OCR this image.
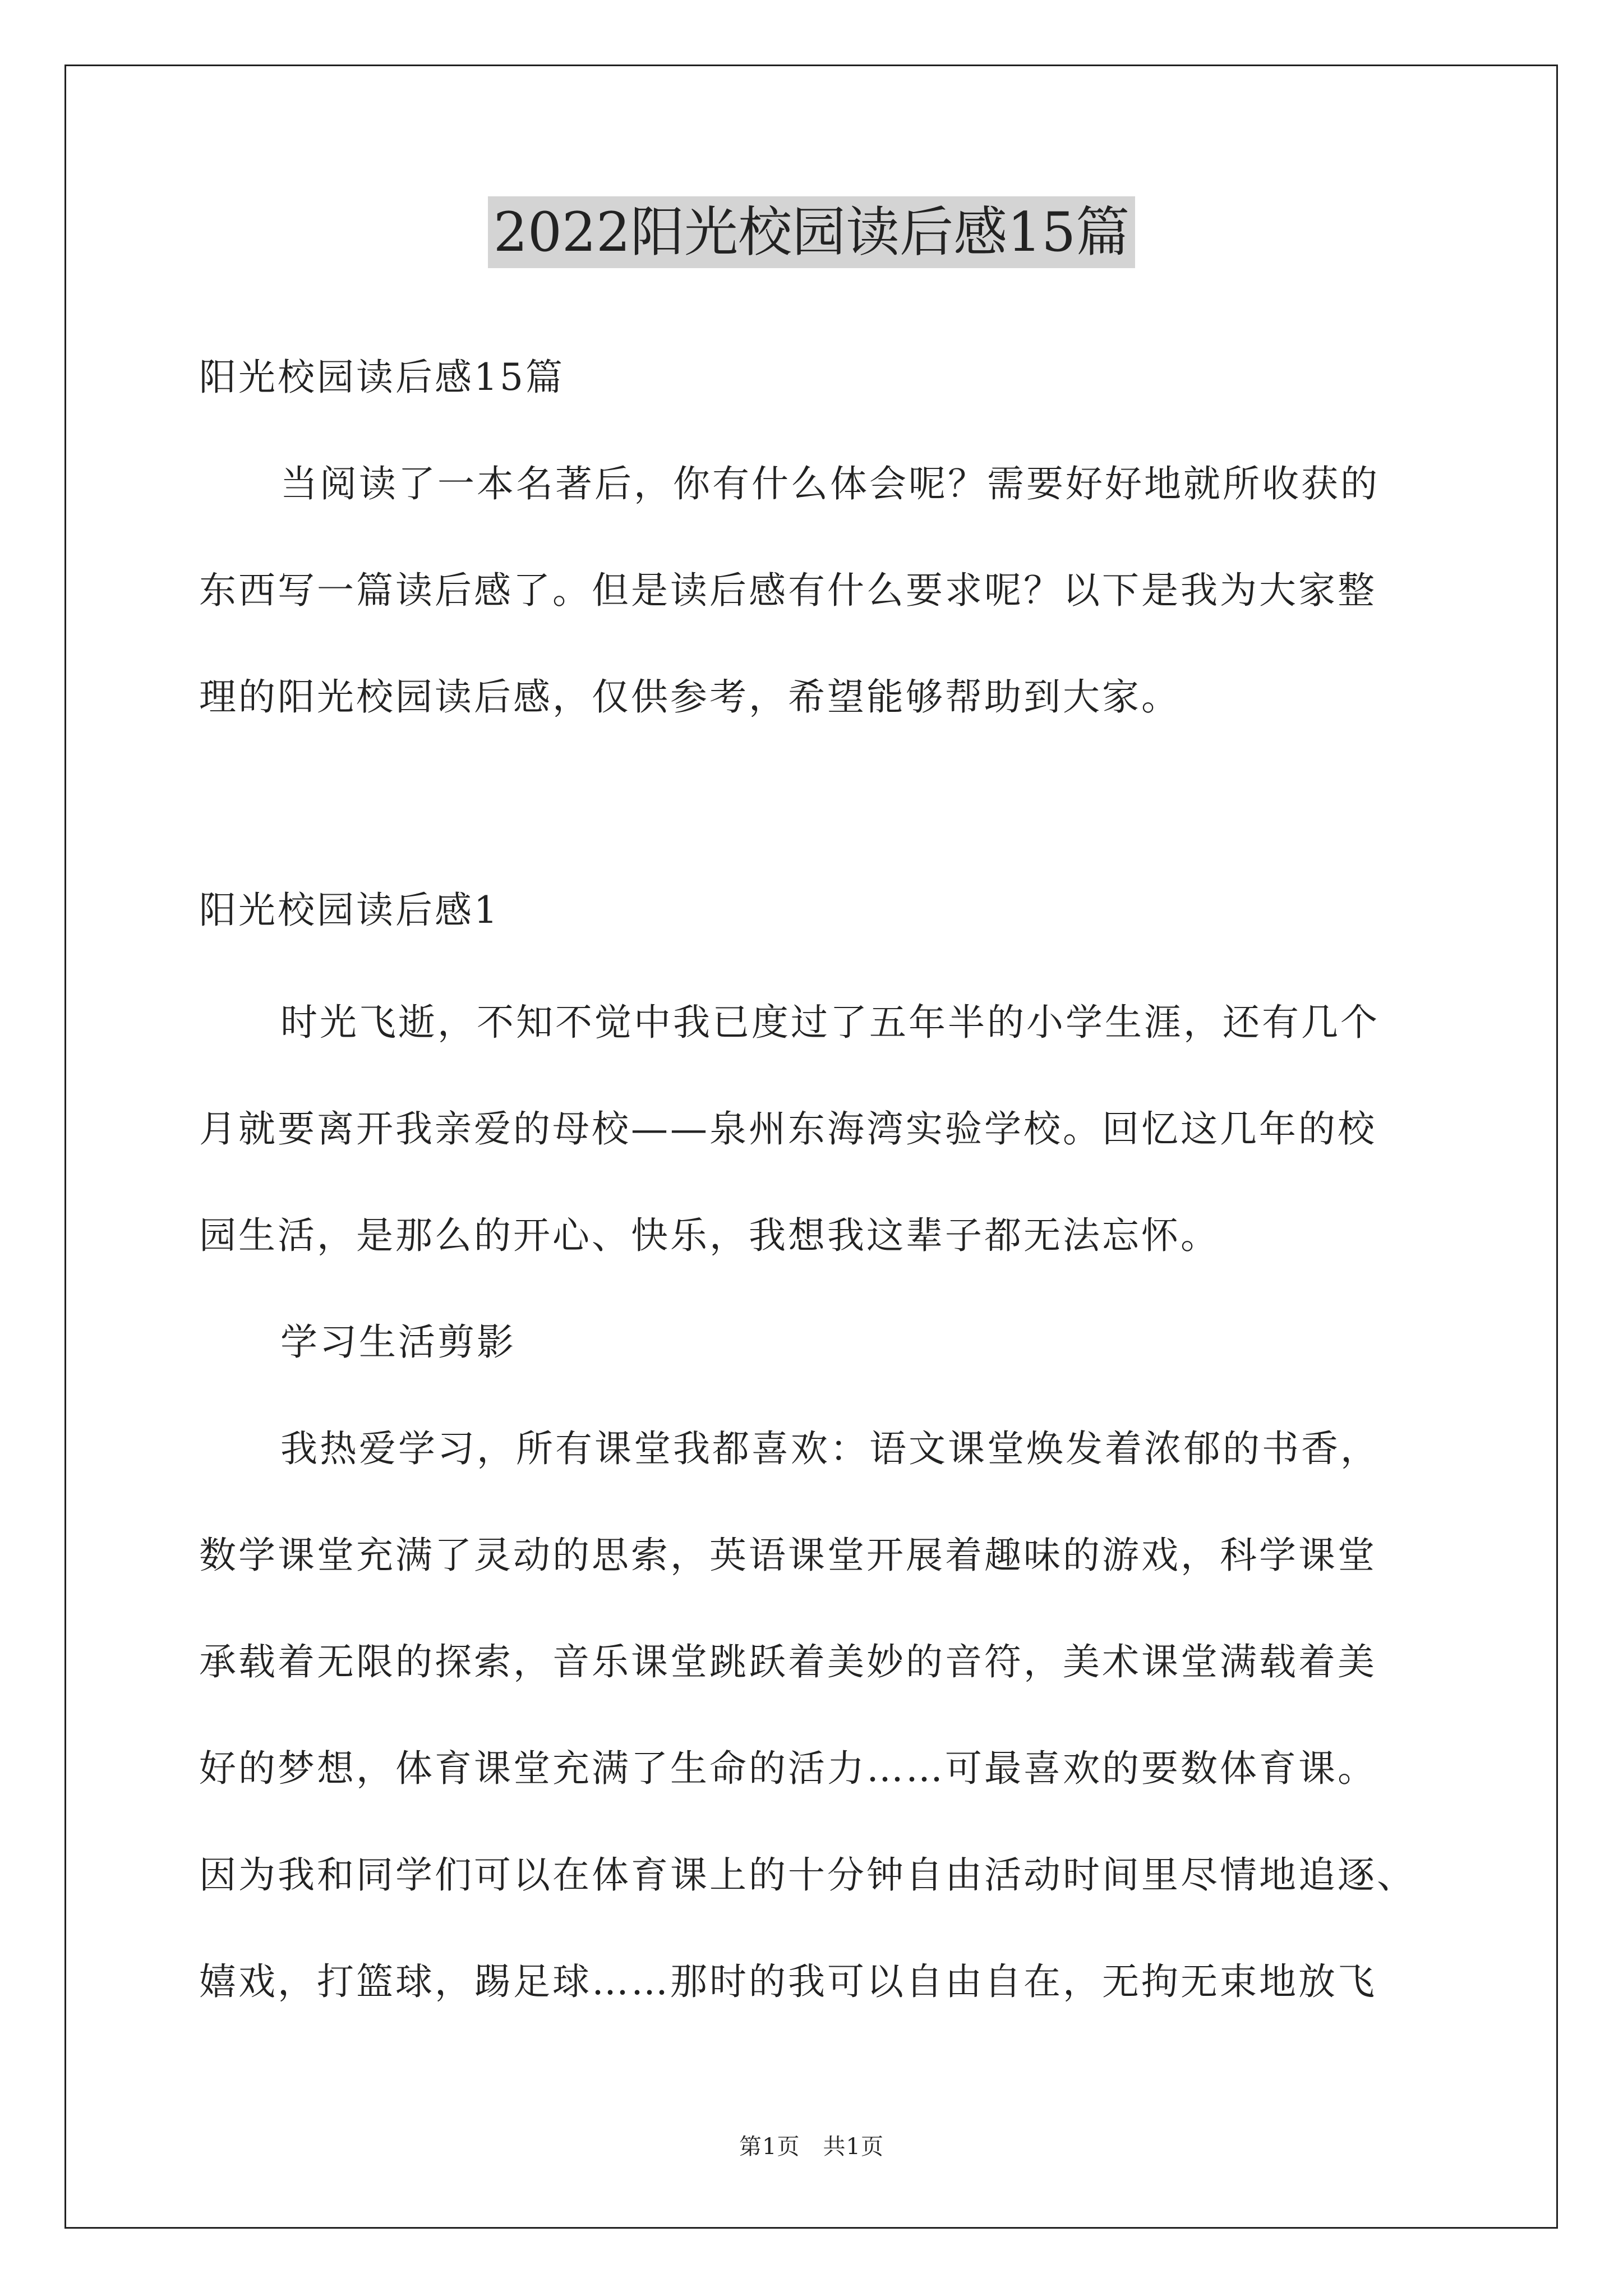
2022阳光校园读后感15篇
阳光校园读后感15篇
当阅读了一本名著后，你有什么体会呢？需要好好地就所收获的
东西写一篇读后感了。但是读后感有什么要求呢？以下是我为大家整
理的阳光校园读后感，仅供参考，希望能够帮助到大家。
阳光校园读后感1
时光飞逝，不知不觉中我已度过了五年半的小学生涯，还有几个
月就要离开我亲爱的母校——泉州东海湾实验学校。回忆这几年的校
园生活，是那么的开心、快乐，我想我这辈子都无法忘怀。
学习生活剪影
我热爱学习，所有课堂我都喜欢：语文课堂焕发着浓郁的书香，
数学课堂充满了灵动的思索，英语课堂开展着趣味的游戏，科学课堂
承载着无限的探索，音乐课堂跳跃着美妙的音符，美术课堂满载着美
好的梦想，体育课堂充满了生命的活力……可最喜欢的要数体育课。
因为我和同学们可以在体育课上的十分钟自由活动时间里尽情地追逐、
嬉戏，打篮球，踢足球……那时的我可以自由自在，无拘无束地放飞
第1页　共1页
